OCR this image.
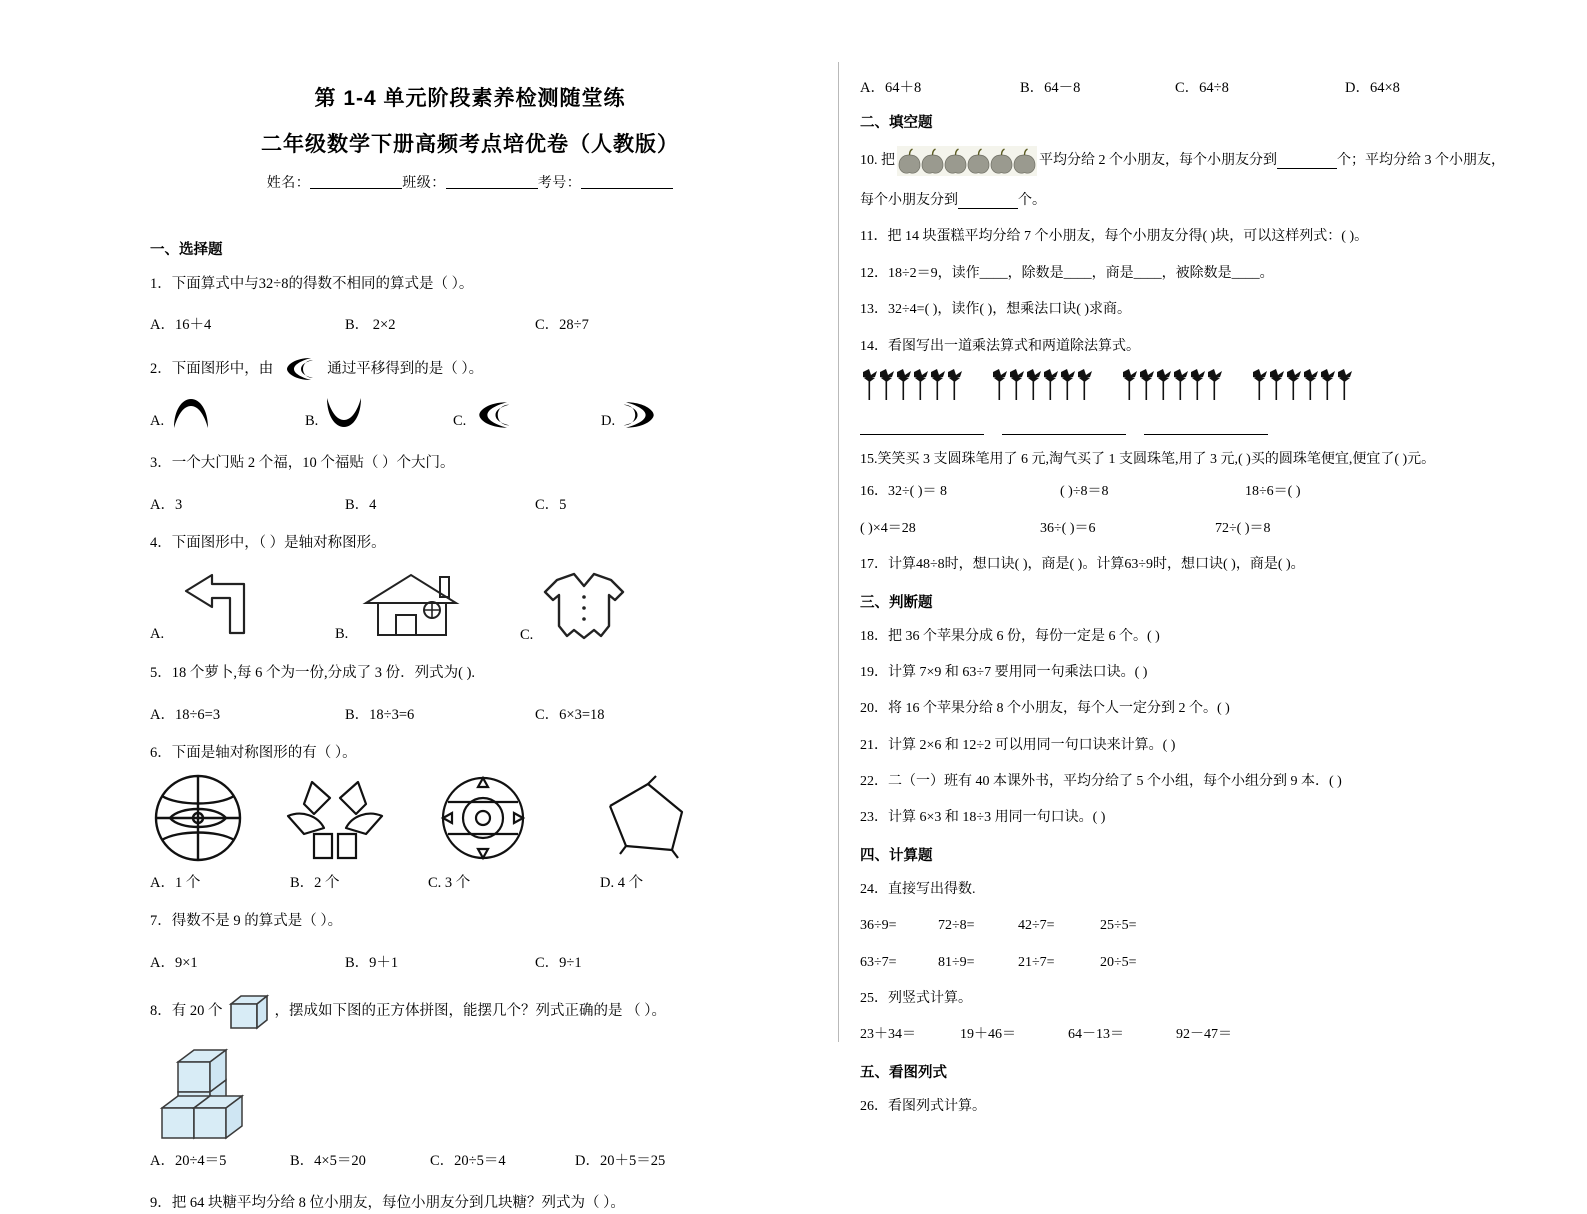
第 1-4 单元阶段素养检测随堂练
二年级数学下册高频考点培优卷（人教版）
姓名：	班级：	考号：
一、选择题
1．下面算式中与32÷8的得数不相同的算式是（ ）。
A．16＋4	B． 2×2	C．28÷7
2．下面图形中，由	通过平移得到的是（ ）。
A.	B.	C.	D.
3．一个大门贴 2 个福，10 个福贴（ ）个大门。
A．3	B．4	C．5
4．下面图形中，（ ）是轴对称图形。
A.	B.	C.
5．18 个萝卜,每 6 个为一份,分成了 3 份．列式为( ).
A．18÷6=3	B．18÷3=6	C．6×3=18
6．下面是轴对称图形的有（ ）。
A．1 个	B．2 个	C. 3 个	D. 4 个
7．得数不是 9 的算式是（ ）。
A．9×1	B．9＋1	C．9÷1
8．有 20 个	，摆成如下图的正方体拼图，能摆几个？列式正确的是 （ ）。
A．20÷4＝5	B．4×5＝20	C．20÷5＝4	D．20＋5＝25
9．把 64 块糖平均分给 8 位小朋友，每位小朋友分到几块糖？列式为（ ）。
A．64＋8	B．64－8	C．64÷8	D．64×8
二、填空题
10. 把	平均分给 2 个小朋友，每个小朋友分到	个；平均分给 3 个小朋友，
每个小朋友分到	个。
11．把 14 块蛋糕平均分给 7 个小朋友，每个小朋友分得( )块，可以这样列式：( )。
12．18÷2＝9，读作____，除数是____，商是____，被除数是____。
13．32÷4=( )，读作( )，想乘法口诀( )求商。
14．看图写出一道乘法算式和两道除法算式。
15.笑笑买 3 支圆珠笔用了 6 元,淘气买了 1 支圆珠笔,用了 3 元,( )买的圆珠笔便宜,便宜了( )元。
16．32÷( )＝ 8	( )÷8＝8	18÷6＝( )
( )×4＝28	36÷( )＝6	72÷( )＝8
17．计算48÷8时，想口诀( )，商是( )。计算63÷9时，想口诀( )，商是( )。
三、判断题
18．把 36 个苹果分成 6 份，每份一定是 6 个。( )
19．计算 7×9 和 63÷7 要用同一句乘法口诀。( )
20．将 16 个苹果分给 8 个小朋友，每个人一定分到 2 个。( )
21．计算 2×6 和 12÷2 可以用同一句口诀来计算。( )
22．二（一）班有 40 本课外书，平均分给了 5 个小组，每个小组分到 9 本．( )
23．计算 6×3 和 18÷3 用同一句口诀。( )
四、计算题
24．直接写出得数.
36÷9=	72÷8=	42÷7=	25÷5=
63÷7=	81÷9=	21÷7=	20÷5=
25．列竖式计算。
23＋34＝	19＋46＝	64－13＝	92－47＝
五、看图列式
26．看图列式计算。
